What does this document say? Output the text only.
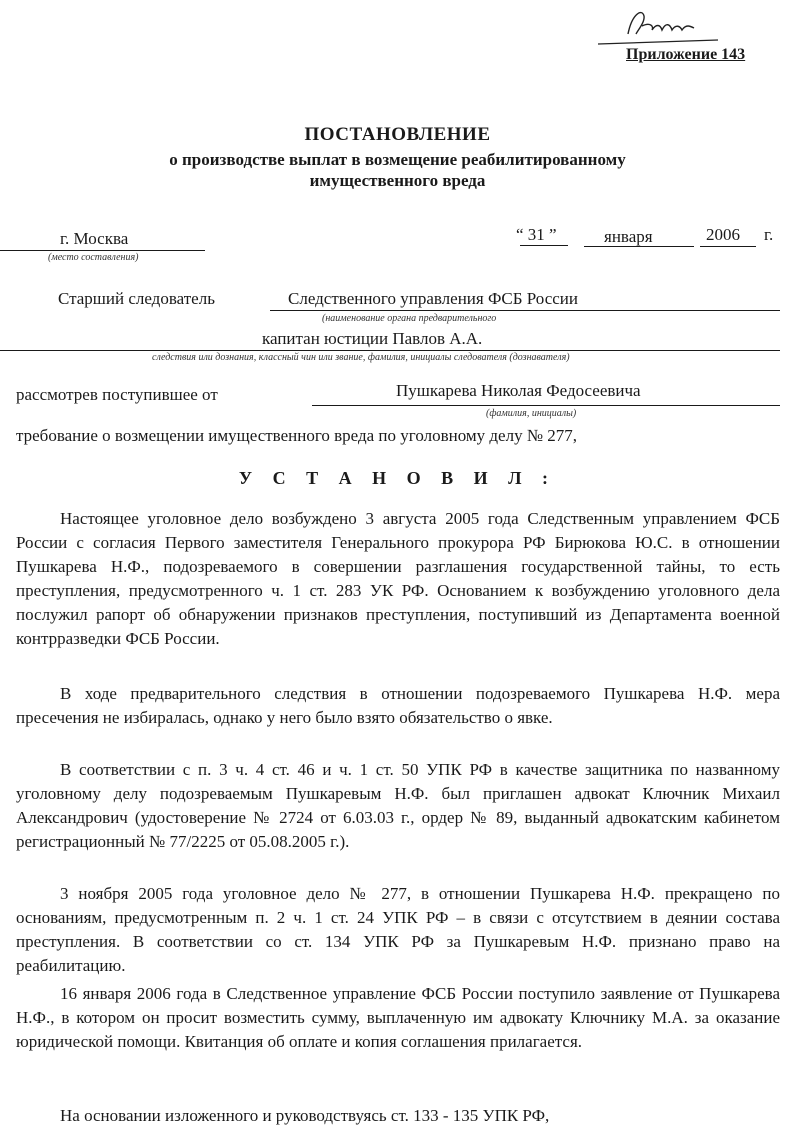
Приложение 143
ПОСТАНОВЛЕНИЕ
о производстве выплат в возмещение реабилитированному
имущественного вреда
г. Москва
(место составления)
“ 31 ”	января	2006 г.
Старший следователь	Следственного управления ФСБ России
(наименование органа предварительного
капитан юстиции Павлов А.А.
следствия или дознания, классный чин или звание, фамилия, инициалы следователя (дознавателя)
рассмотрев поступившее от	Пушкарева Николая Федосеевича
(фамилия, инициалы)
требование о возмещении имущественного вреда по уголовному делу № 277,
У С Т А Н О В И Л :
Настоящее уголовное дело возбуждено 3 августа 2005 года Следственным управлением ФСБ России с согласия Первого заместителя Генерального прокурора РФ Бирюкова Ю.С. в отношении Пушкарева Н.Ф., подозреваемого в совершении разглашения государственной тайны, то есть преступления, предусмотренного ч. 1 ст. 283 УК РФ. Основанием к возбуждению уголовного дела послужил рапорт об обнаружении признаков преступления, поступивший из Департамента военной контрразведки ФСБ России.
В ходе предварительного следствия в отношении подозреваемого Пушкарева Н.Ф. мера пресечения не избиралась, однако у него было взято обязательство о явке.
В соответствии с п. 3 ч. 4 ст. 46 и ч. 1 ст. 50 УПК РФ в качестве защитника по названному уголовному делу подозреваемым Пушкаревым Н.Ф. был приглашен адвокат Ключник Михаил Александрович (удостоверение № 2724 от 6.03.03 г., ордер № 89, выданный адвокатским кабинетом регистрационный № 77/2225 от 05.08.2005 г.).
3 ноября 2005 года уголовное дело № 277, в отношении Пушкарева Н.Ф. прекращено по основаниям, предусмотренным п. 2 ч. 1 ст. 24 УПК РФ – в связи с отсутствием в деянии состава преступления. В соответствии со ст. 134 УПК РФ за Пушкаревым Н.Ф. признано право на реабилитацию.
16 января 2006 года в Следственное управление ФСБ России поступило заявление от Пушкарева Н.Ф., в котором он просит возместить сумму, выплаченную им адвокату Ключнику М.А. за оказание юридической помощи. Квитанция об оплате и копия соглашения прилагается.
На основании изложенного и руководствуясь ст. 133 - 135 УПК РФ,
